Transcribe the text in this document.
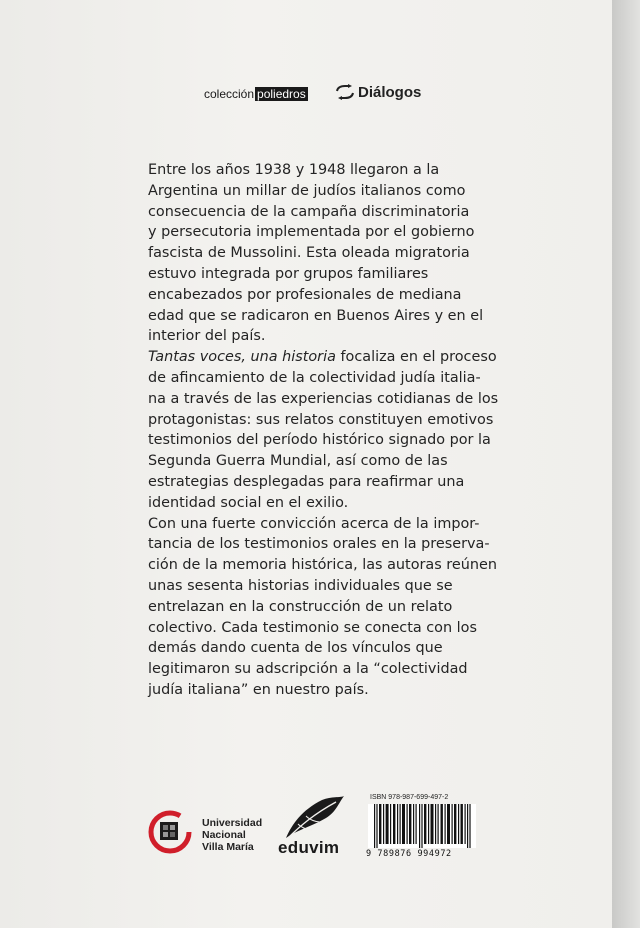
colección poliedros	Diálogos

Entre los años 1938 y 1948 llegaron a la

Argentina un millar de judíos italianos como

consecuencia de la campaña discriminatoria

y persecutoria implementada por el gobierno

fascista de Mussolini. Esta oleada migratoria

estuvo integrada por grupos familiares

encabezados por profesionales de mediana

edad que se radicaron en Buenos Aires y en el

interior del país.

Tantas voces, una historia focaliza en el proceso

de afincamiento de la colectividad judía italia-

na a través de las experiencias cotidianas de los

protagonistas: sus relatos constituyen emotivos

testimonios del período histórico signado por la

Segunda Guerra Mundial, así como de las

estrategias desplegadas para reafirmar una

identidad social en el exilio.

Con una fuerte convicción acerca de la impor-

tancia de los testimonios orales en la preserva-

ción de la memoria histórica, las autoras reúnen

unas sesenta historias individuales que se

entrelazan en la construcción de un relato

colectivo. Cada testimonio se conecta con los

demás dando cuenta de los vínculos que

legitimaron su adscripción a la “colectividad

judía italiana” en nuestro país.

Universidad
Nacional
Villa María	eduvim
ISBN 978-987-699-497-2
9 789876 994972
